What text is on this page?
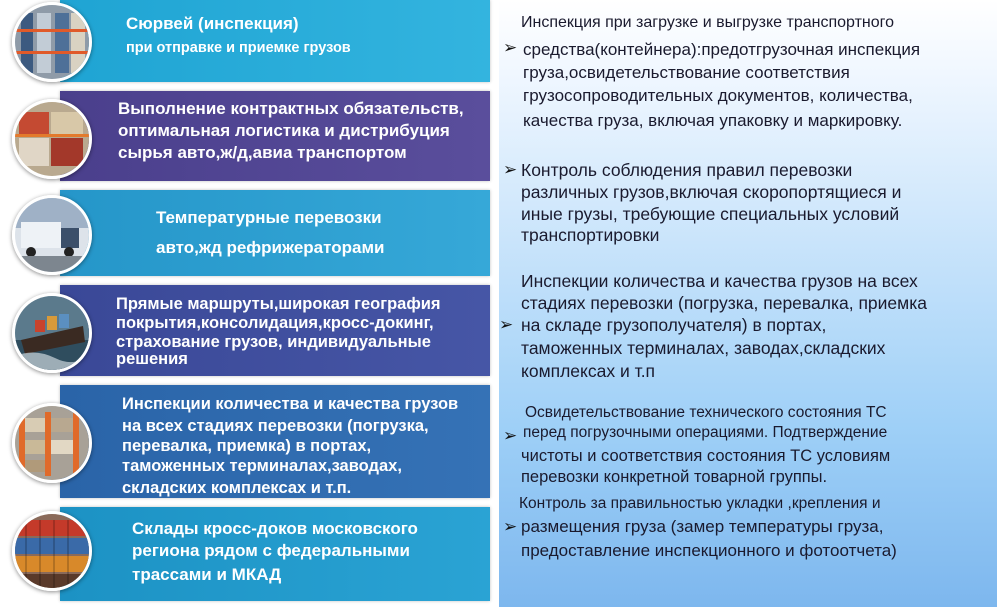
Сюрвей (инспекция)
при отправке и приемке грузов
Выполнение контрактных обязательств,
оптимальная логистика и дистрибуция
сырья авто,ж/д,авиа транспортом
Температурные перевозки
авто,жд рефрижераторами
Прямые маршруты,широкая география
покрытия,консолидация,кросс-докинг,
страхование грузов, индивидуальные
решения
Инспекции количества и качества грузов
на всех стадиях перевозки (погрузка,
перевалка, приемка) в портах,
таможенных терминалах,заводах,
складских комплексах и т.п.
Склады кросс-доков московского
региона рядом с федеральными
трассами и МКАД
Инспекция при загрузке и выгрузке транспортного
➢ средства(контейнера):предотгрузочная инспекция
груза,освидетельствование соответствия
грузосопроводительных документов, количества,
качества груза, включая упаковку и маркировку.
➢ Контроль соблюдения правил перевозки
различных грузов,включая скоропортящиеся и
иные грузы, требующие специальных условий
транспортировки
Инспекции количества и качества грузов на всех
стадиях перевозки (погрузка, перевалка, приемка
➢ на складе грузополучателя) в портах,
таможенных терминалах, заводах,складских
комплексах и т.п
Освидетельствование технического состояния ТС
➢ перед погрузочными операциями. Подтверждение
чистоты и соответствия состояния ТС условиям
перевозки конкретной товарной группы.
Контроль за правильностью укладки ,крепления и
➢ размещения груза (замер температуры груза,
предоставление инспекционного и фотоотчета)
